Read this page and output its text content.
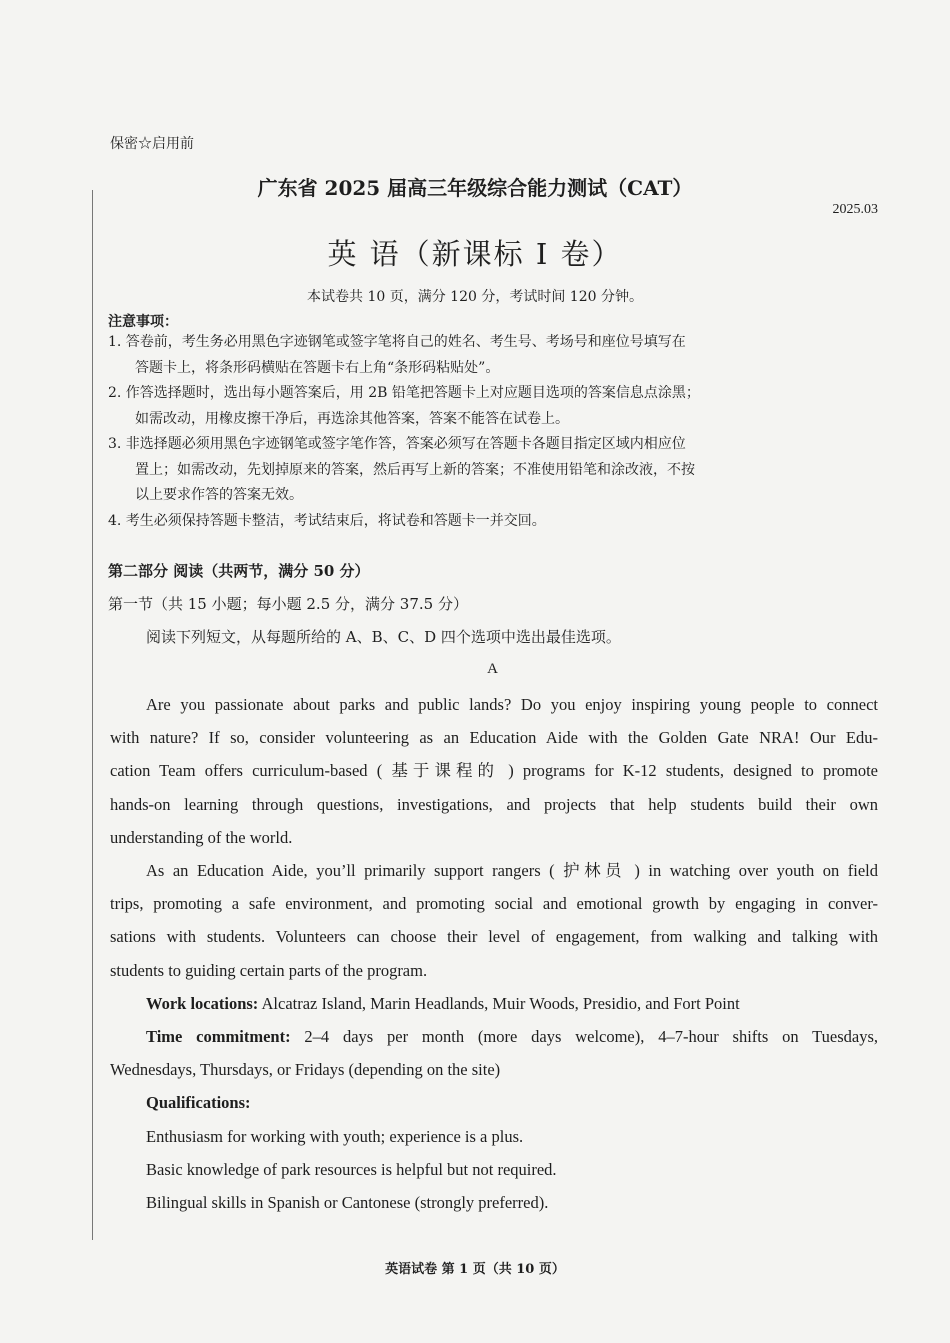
保密☆启用前
广东省 2025 届高三年级综合能力测试（CAT）
2025.03
英 语（新课标 Ⅰ 卷）
本试卷共 10 页，满分 120 分，考试时间 120 分钟。
注意事项：
1. 答卷前，考生务必用黑色字迹钢笔或签字笔将自己的姓名、考生号、考场号和座位号填写在
答题卡上，将条形码横贴在答题卡右上角“条形码粘贴处”。
2. 作答选择题时，选出每小题答案后，用 2B 铅笔把答题卡上对应题目选项的答案信息点涂黑；
如需改动，用橡皮擦干净后，再选涂其他答案，答案不能答在试卷上。
3. 非选择题必须用黑色字迹钢笔或签字笔作答，答案必须写在答题卡各题目指定区域内相应位
置上；如需改动，先划掉原来的答案，然后再写上新的答案；不准使用铅笔和涂改液，不按
以上要求作答的答案无效。
4. 考生必须保持答题卡整洁，考试结束后，将试卷和答题卡一并交回。
第二部分 阅读（共两节，满分 50 分）
第一节（共 15 小题；每小题 2.5 分，满分 37.5 分）
阅读下列短文，从每题所给的 A、B、C、D 四个选项中选出最佳选项。
A
Are you passionate about parks and public lands? Do you enjoy inspiring young people to connect
with nature? If so, consider volunteering as an Education Aide with the Golden Gate NRA! Our Edu-
cation Team offers curriculum-based ( 基于课程的 ) programs for K-12 students, designed to promote
hands-on learning through questions, investigations, and projects that help students build their own
understanding of the world.
As an Education Aide, you’ll primarily support rangers ( 护林员 ) in watching over youth on field
trips, promoting a safe environment, and promoting social and emotional growth by engaging in conver-
sations with students. Volunteers can choose their level of engagement, from walking and talking with
students to guiding certain parts of the program.
Work locations: Alcatraz Island, Marin Headlands, Muir Woods, Presidio, and Fort Point
Time commitment: 2–4 days per month (more days welcome), 4–7-hour shifts on Tuesdays,
Wednesdays, Thursdays, or Fridays (depending on the site)
Qualifications:
Enthusiasm for working with youth; experience is a plus.
Basic knowledge of park resources is helpful but not required.
Bilingual skills in Spanish or Cantonese (strongly preferred).
英语试卷 第 1 页（共 10 页）
